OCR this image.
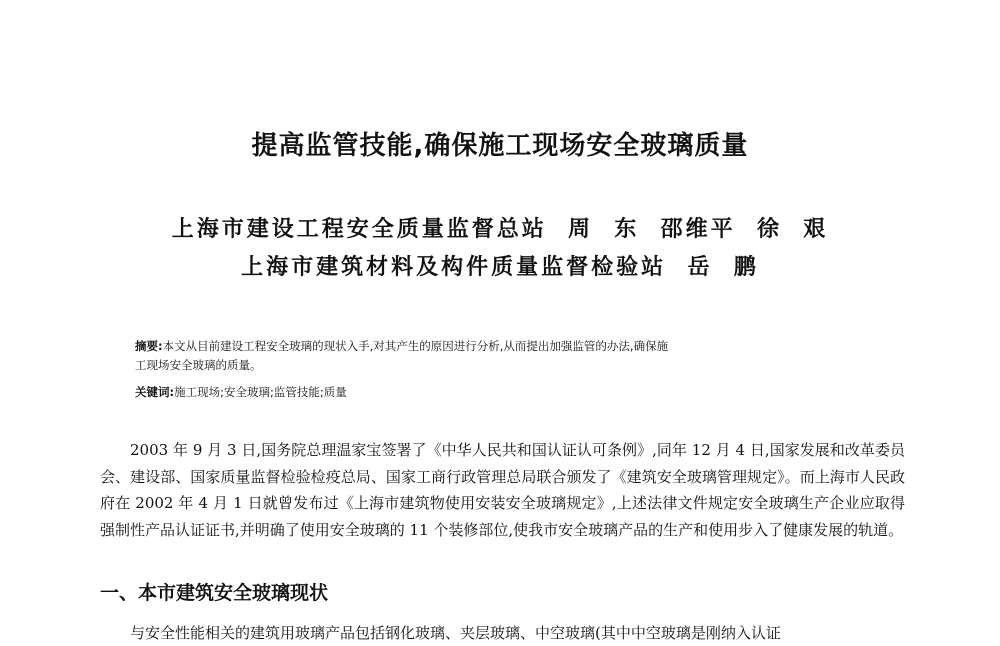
提高监管技能,确保施工现场安全玻璃质量

上海市建设工程安全质量监督总站  周  东  邵维平  徐  艰

上海市建筑材料及构件质量监督检验站  岳  鹏

摘要:本文从目前建设工程安全玻璃的现状入手,对其产生的原因进行分析,从而提出加强监管的办法,确保施

工现场安全玻璃的质量。

关键词:施工现场;安全玻璃;监管技能;质量

2003 年 9 月 3 日,国务院总理温家宝签署了《中华人民共和国认证认可条例》,同年 12 月 4 日,国家发展和改革委员会、建设部、国家质量监督检验检疫总局、国家工商行政管理总局联合颁发了《建筑安全玻璃管理规定》。而上海市人民政府在 2002 年 4 月 1 日就曾发布过《上海市建筑物使用安装安全玻璃规定》,上述法律文件规定安全玻璃生产企业应取得强制性产品认证证书,并明确了使用安全玻璃的 11 个装修部位,使我市安全玻璃产品的生产和使用步入了健康发展的轨道。

一、本市建筑安全玻璃现状

与安全性能相关的建筑用玻璃产品包括钢化玻璃、夹层玻璃、中空玻璃(其中中空玻璃是刚纳入认证
